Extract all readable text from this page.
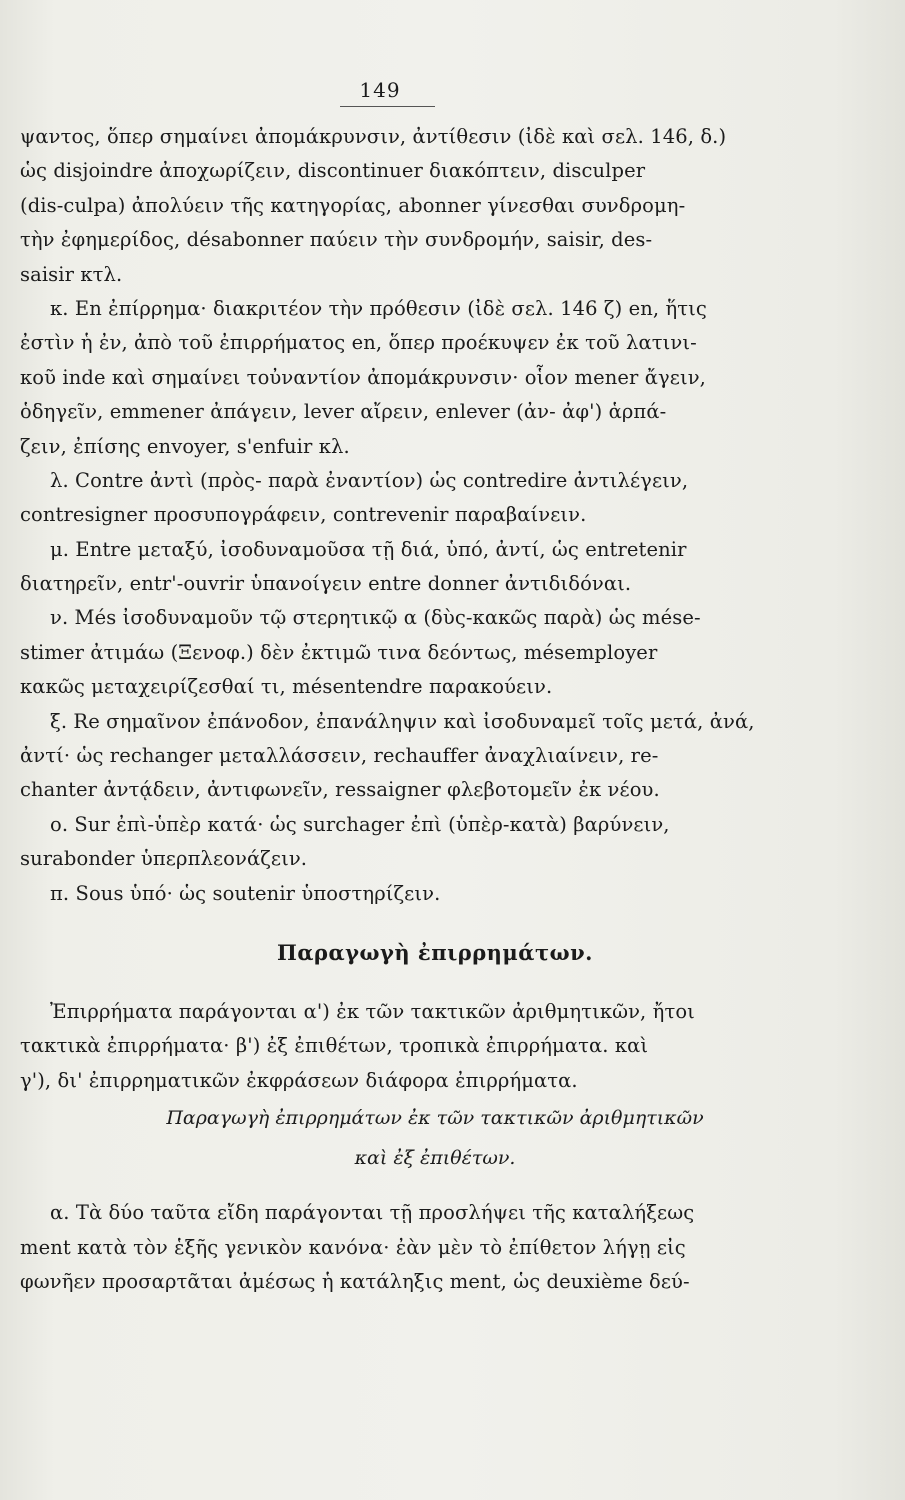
149
ψαντος, ὅπερ σημαίνει ἀπομάκρυνσιν, ἀντίθεσιν (ἰδὲ καὶ σελ. 146, δ.)
ὡς disjoindre ἀποχωρίζειν, discontinuer διακόπτειν, disculper
(dis-culpa) ἀπολύειν τῆς κατηγορίας, abonner γίνεσθαι συνδρομη-
τὴν ἐφημερίδος, désabonner παύειν τὴν συνδρομήν, saisir, des-
saisir κτλ.
κ. En ἐπίρρημα· διακριτέον τὴν πρόθεσιν (ἰδὲ σελ. 146 ζ) en, ἥτις
ἐστὶν ἡ ἐν, ἀπὸ τοῦ ἐπιρρήματος en, ὅπερ προέκυψεν ἐκ τοῦ λατινι-
κοῦ inde καὶ σημαίνει τοὐναντίον ἀπομάκρυνσιν· οἷον mener ἄγειν,
ὁδηγεῖν, emmener ἀπάγειν, lever αἴρειν, enlever (ἀν- ἀφ') ἁρπά-
ζειν, ἐπίσης envoyer, s'enfuir κλ.
λ. Contre ἀντὶ (πρὸς- παρὰ ἐναντίον) ὡς contredire ἀντιλέγειν,
contresigner προσυπογράφειν, contrevenir παραβαίνειν.
μ. Entre μεταξύ, ἰσοδυναμοῦσα τῇ διά, ὑπό, ἀντί, ὡς entretenir
διατηρεῖν, entr'-ouvrir ὑπανοίγειν entre donner ἀντιδιδόναι.
ν. Més ἰσοδυναμοῦν τῷ στερητικῷ α (δὺς-κακῶς παρὰ) ὡς mése-
stimer ἀτιμάω (Ξενοφ.) δὲν ἐκτιμῶ τινα δεόντως, mésemployer
κακῶς μεταχειρίζεσθαί τι, mésentendre παρακούειν.
ξ. Re σημαῖνον ἐπάνοδον, ἐπανάληψιν καὶ ἰσοδυναμεῖ τοῖς μετά, ἀνά,
ἀντί· ὡς rechanger μεταλλάσσειν, rechauffer ἀναχλιαίνειν, re-
chanter ἀντᾴδειν, ἀντιφωνεῖν, ressaigner φλεβοτομεῖν ἐκ νέου.
ο. Sur ἐπὶ-ὑπὲρ κατά· ὡς surchager ἐπὶ (ὑπὲρ-κατὰ) βαρύνειν,
surabonder ὑπερπλεονάζειν.
π. Sous ὑπό· ὡς soutenir ὑποστηρίζειν.
Παραγωγὴ ἐπιρρημάτων.
Ἐπιρρήματα παράγονται α') ἐκ τῶν τακτικῶν ἀριθμητικῶν, ἤτοι
τακτικὰ ἐπιρρήματα· β') ἐξ ἐπιθέτων, τροπικὰ ἐπιρρήματα. καὶ
γ'), δι' ἐπιρρηματικῶν ἐκφράσεων διάφορα ἐπιρρήματα.
Παραγωγὴ ἐπιρρημάτων ἐκ τῶν τακτικῶν ἀριθμητικῶν
καὶ ἐξ ἐπιθέτων.
α. Τὰ δύο ταῦτα εἴδη παράγονται τῇ προσλήψει τῆς καταλήξεως
ment κατὰ τὸν ἑξῆς γενικὸν κανόνα· ἐὰν μὲν τὸ ἐπίθετον λήγῃ εἰς
φωνῆεν προσαρτᾶται ἀμέσως ἡ κατάληξις ment, ὡς deuxième δεύ-
